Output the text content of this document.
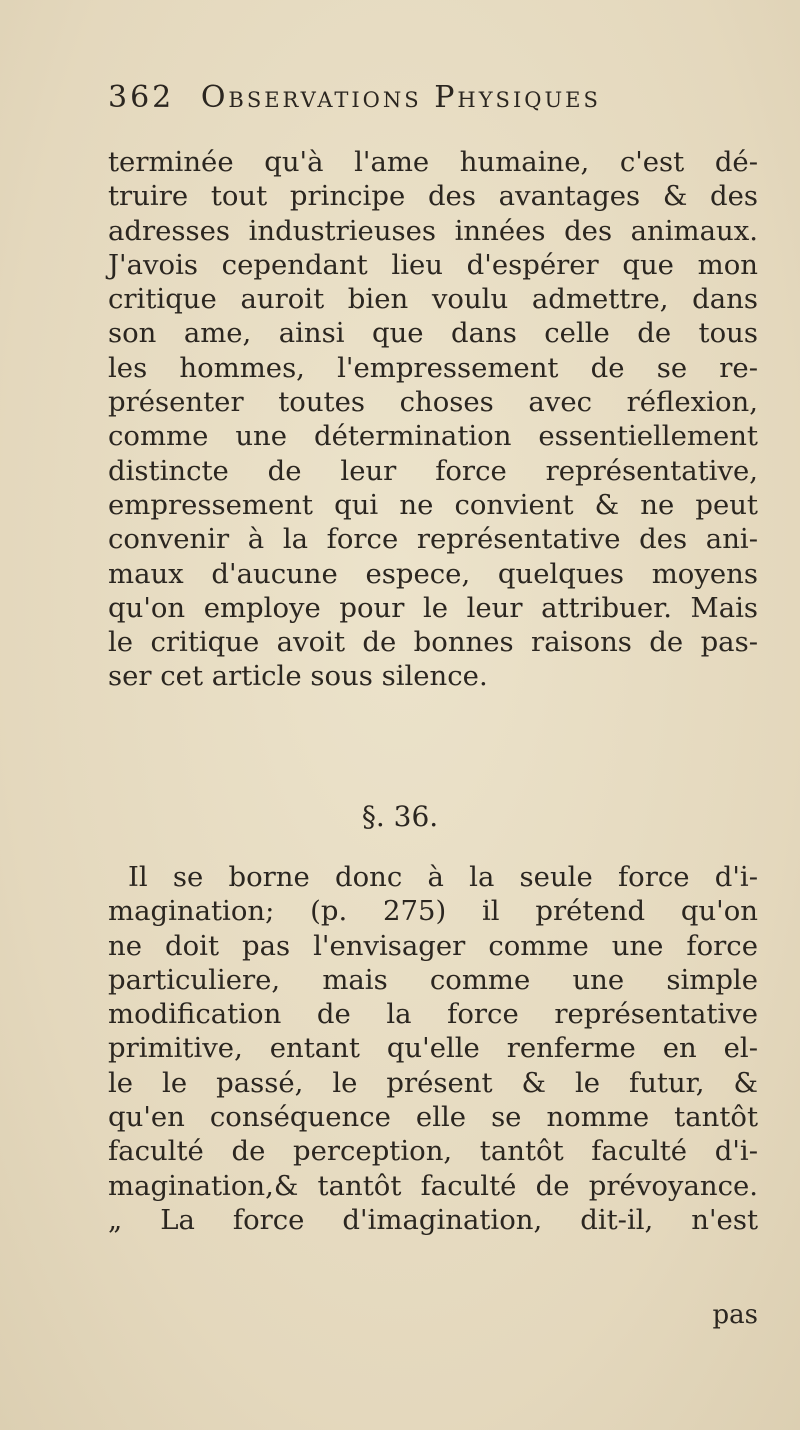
362 Observations Physiques
terminée qu'à l'ame humaine, c'est dé-
truire tout principe des avantages & des
adresses industrieuses innées des animaux.
J'avois cependant lieu d'espérer que mon
critique auroit bien voulu admettre, dans
son ame, ainsi que dans celle de tous
les hommes, l'empressement de se re-
présenter toutes choses avec réflexion,
comme une détermination essentiellement
distincte de leur force représentative,
empressement qui ne convient & ne peut
convenir à la force représentative des ani-
maux d'aucune espece, quelques moyens
qu'on employe pour le leur attribuer. Mais
le critique avoit de bonnes raisons de pas-
ser cet article sous silence.
§. 36.
Il se borne donc à la seule force d'i-
magination; (p. 275) il prétend qu'on
ne doit pas l'envisager comme une force
particuliere, mais comme une simple
modification de la force représentative
primitive, entant qu'elle renferme en el-
le le passé, le présent & le futur, &
qu'en conséquence elle se nomme tantôt
faculté de perception, tantôt faculté d'i-
magination,& tantôt faculté de prévoyance.
„ La force d'imagination, dit-il, n'est
pas
